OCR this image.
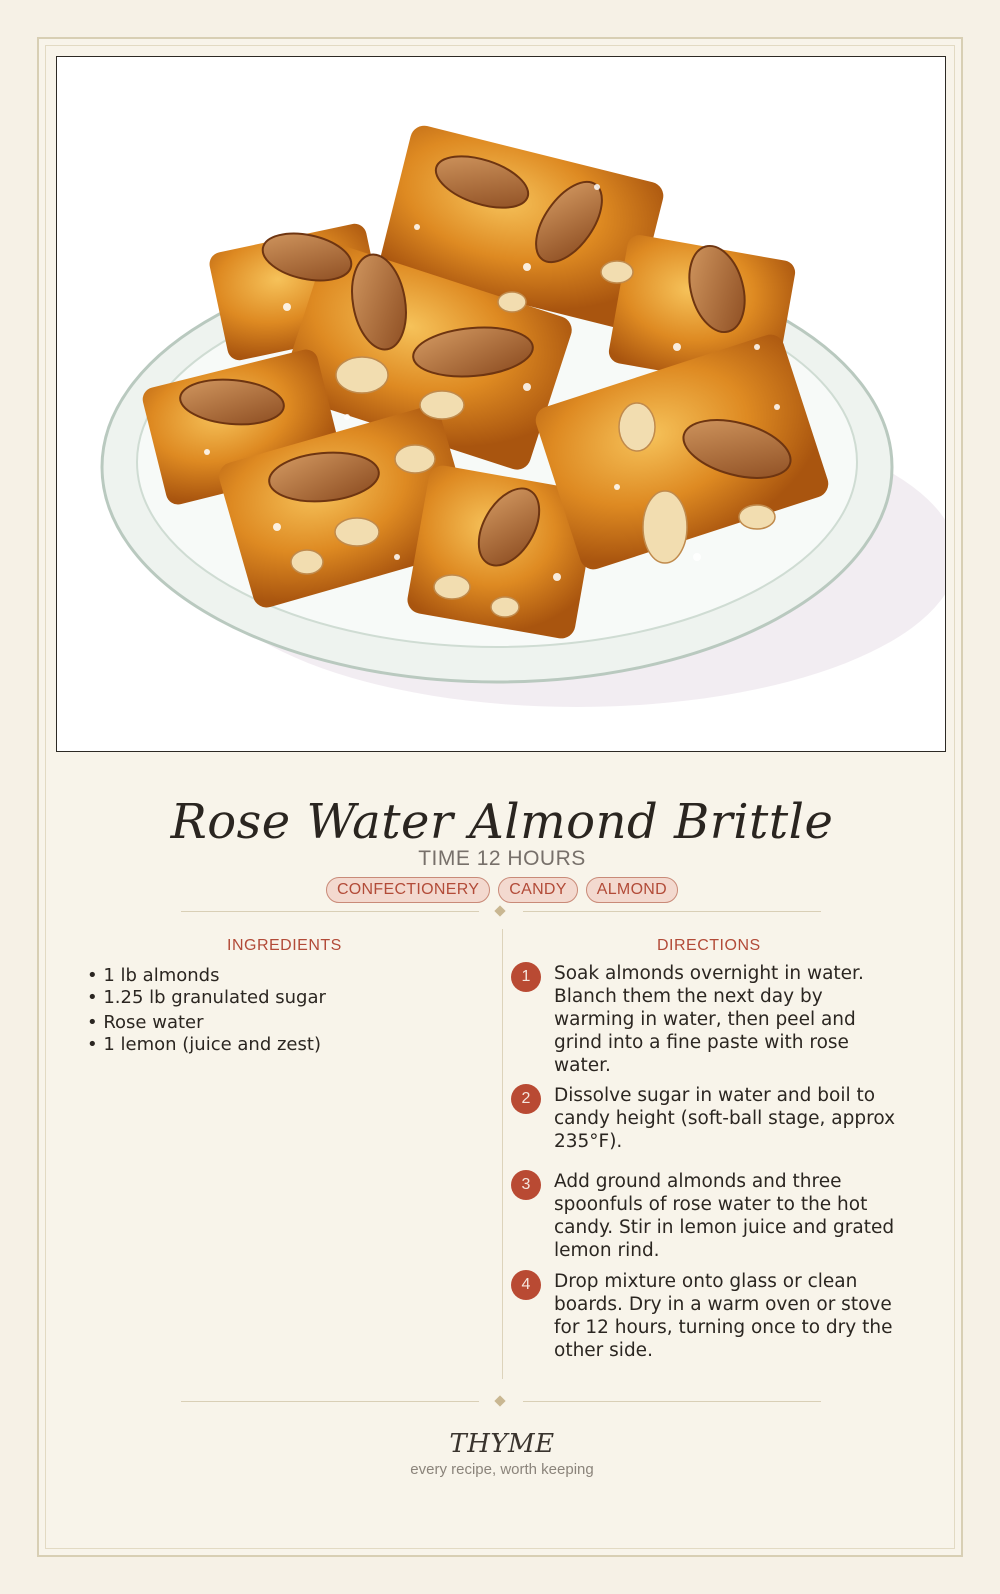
Rose Water Almond Brittle
TIME 12 HOURS
CONFECTIONERY	CANDY	ALMOND
INGREDIENTS
• 1 lb almonds
• 1.25 lb granulated sugar
• Rose water
• 1 lemon (juice and zest)
DIRECTIONS
1	Soak almonds overnight in water. Blanch them the next day by warming in water, then peel and grind into a fine paste with rose water.
2	Dissolve sugar in water and boil to candy height (soft-ball stage, approx 235°F).
3	Add ground almonds and three spoonfuls of rose water to the hot candy. Stir in lemon juice and grated lemon rind.
4	Drop mixture onto glass or clean boards. Dry in a warm oven or stove for 12 hours, turning once to dry the other side.
THYME
every recipe, worth keeping
